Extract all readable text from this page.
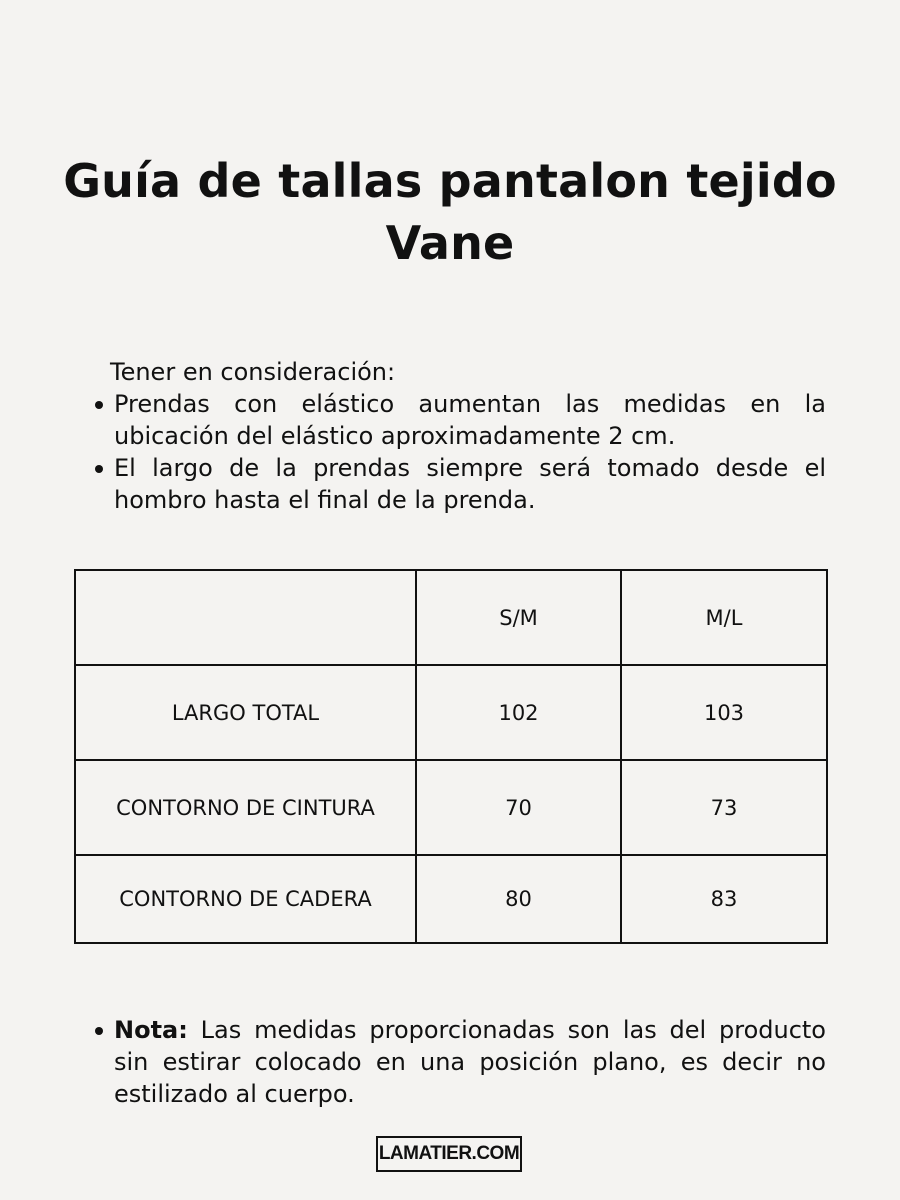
Guía de tallas pantalon tejido
Vane
Tener en consideración:
Prendas con elástico aumentan las medidas en la ubicación del elástico aproximadamente 2 cm.
El largo de la prendas siempre será tomado desde el hombro hasta el final de la prenda.
	S/M	M/L
LARGO TOTAL	102	103
CONTORNO DE CINTURA	70	73
CONTORNO DE CADERA	80	83
Nota: Las medidas proporcionadas son las del producto sin estirar colocado en una posición plano, es decir no estilizado al cuerpo.
LAMATIER.COM
